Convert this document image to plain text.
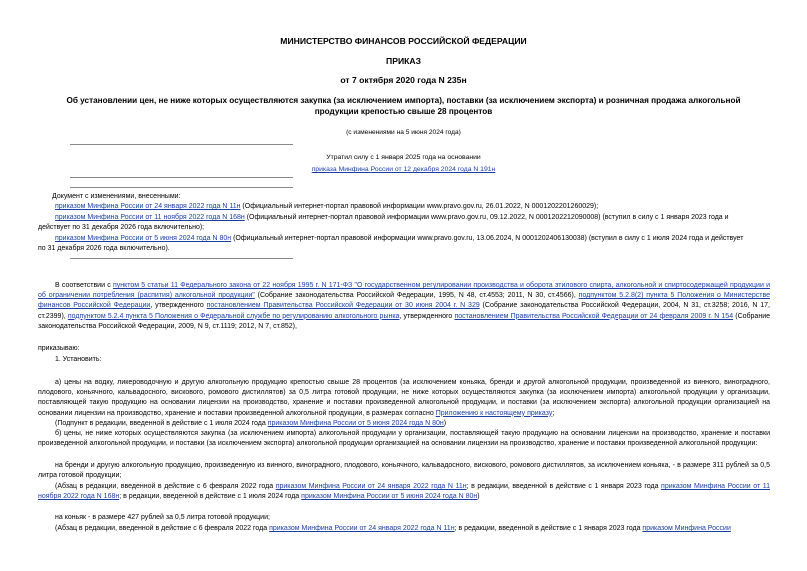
МИНИСТЕРСТВО ФИНАНСОВ РОССИЙСКОЙ ФЕДЕРАЦИИ
ПРИКАЗ
от 7 октября 2020 года N 235н
Об установлении цен, не ниже которых осуществляются закупка (за исключением импорта), поставки (за исключением экспорта) и розничная продажа алкогольной
продукции крепостью свыше 28 процентов
(с изменениями на 5 июня 2024 года)
Утратил силу с 1 января 2025 года на основании
приказа Минфина России от 12 декабря 2024 года N 191н
Документ с изменениями, внесенными:
приказом Минфина России от 24 января 2022 года N 11н (Официальный интернет-портал правовой информации www.pravo.gov.ru, 26.01.2022, N 0001202201260029);
приказом Минфина России от 11 ноября 2022 года N 168н (Официальный интернет-портал правовой информации www.pravo.gov.ru, 09.12.2022, N 0001202212090008) (вступил в силу с 1 января 2023 года и
действует по 31 декабря 2026 года включительно);
приказом Минфина России от 5 июня 2024 года N 80н (Официальный интернет-портал правовой информации www.pravo.gov.ru, 13.06.2024, N 0001202406130038) (вступил в силу с 1 июля 2024 года и действует
по 31 декабря 2026 года включительно).
В соответствии с пунктом 5 статьи 11 Федерального закона от 22 ноября 1995 г. N 171-ФЗ "О государственном регулировании производства и оборота этилового спирта, алкогольной и спиртосодержащей продукции и об ограничении потребления (распития) алкогольной продукции" (Собрание законодательства Российской Федерации, 1995, N 48, ст.4553; 2011, N 30, ст.4566), подпунктом 5.2.8(2) пункта 5 Положения о Министерстве финансов Российской Федерации, утвержденного постановлением Правительства Российской Федерации от 30 июня 2004 г. N 329 (Собрание законодательства Российской Федерации, 2004, N 31, ст.3258; 2016, N 17, ст.2399), подпунктом 5.2.4 пункта 5 Положения о Федеральной службе по регулированию алкогольного рынка, утвержденного постановлением Правительства Российской Федерации от 24 февраля 2009 г. N 154 (Собрание законодательства Российской Федерации, 2009, N 9, ст.1119; 2012, N 7, ст.852),
приказываю:
1. Установить:
а) цены на водку, ликероводочную и другую алкогольную продукцию крепостью свыше 28 процентов (за исключением коньяка, бренди и другой алкогольной продукции, произведенной из винного, виноградного, плодового, коньячного, кальвадосного, вискового, ромового дистиллятов) за 0,5 литра готовой продукции, не ниже которых осуществляются закупка (за исключением импорта) алкогольной продукции у организации, поставляющей такую продукцию на основании лицензии на производство, хранение и поставки произведенной алкогольной продукции, и поставки (за исключением экспорта) алкогольной продукции организацией на основании лицензии на производство, хранение и поставки произведенной алкогольной продукции, в размерах согласно Приложению к настоящему приказу;
(Подпункт в редакции, введенной в действие с 1 июля 2024 года приказом Минфина России от 5 июня 2024 года N 80н)
б) цены, не ниже которых осуществляются закупка (за исключением импорта) алкогольной продукции у организации, поставляющей такую продукцию на основании лицензии на производство, хранение и поставки произведенной алкогольной продукции, и поставки (за исключением экспорта) алкогольной продукции организацией на основании лицензии на производство, хранение и поставки произведенной алкогольной продукции:
на бренди и другую алкогольную продукцию, произведенную из винного, виноградного, плодового, коньячного, кальвадосного, вискового, ромового дистиллятов, за исключением коньяка, - в размере 311 рублей за 0,5 литра готовой продукции;
(Абзац в редакции, введенной в действие с 6 февраля 2022 года приказом Минфина России от 24 января 2022 года N 11н; в редакции, введенной в действие с 1 января 2023 года приказом Минфина России от 11 ноября 2022 года N 168н; в редакции, введенной в действие с 1 июля 2024 года приказом Минфина России от 5 июня 2024 года N 80н)
на коньяк - в размере 427 рублей за 0,5 литра готовой продукции;
(Абзац в редакции, введенной в действие с 6 февраля 2022 года приказом Минфина России от 24 января 2022 года N 11н; в редакции, введенной в действие с 1 января 2023 года приказом Минфина России
